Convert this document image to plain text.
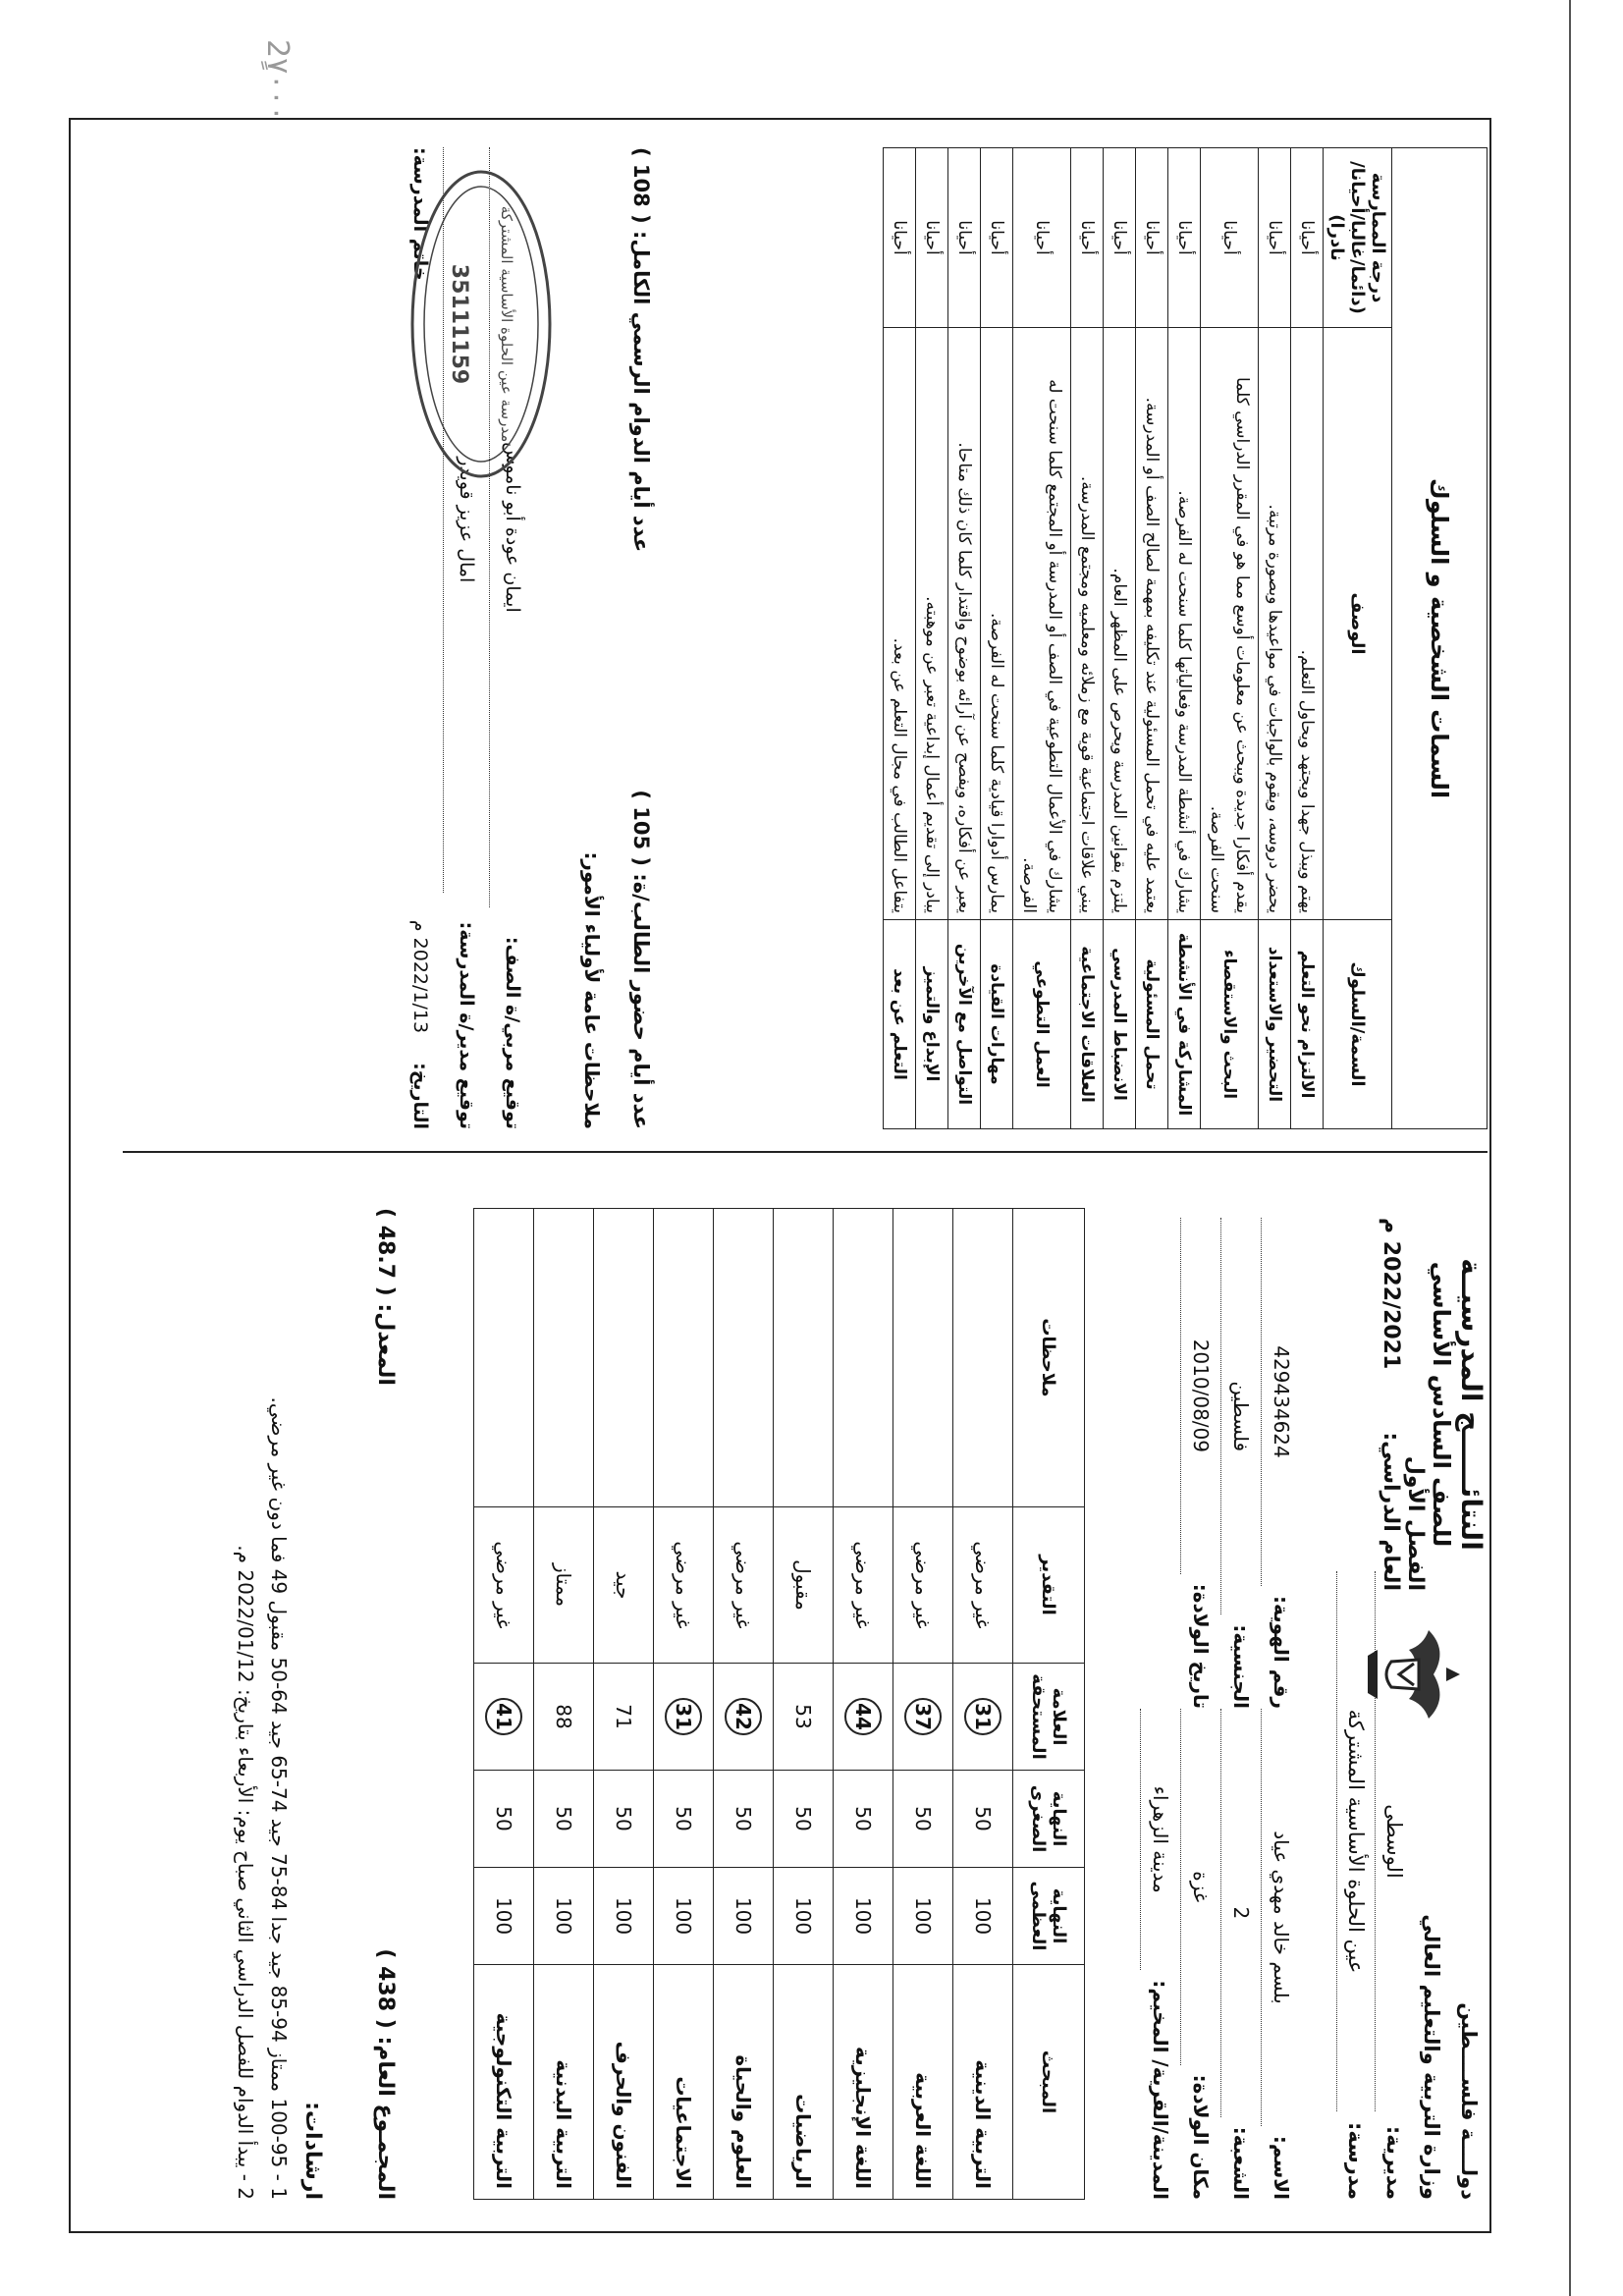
2ٍ٧٠٠٠
دولــــة فلســــطين
وزارة التربية والتعليم العالي
مديرية:
الوسطى
مدرسة:
عين الحلوة الأساسية المشتركة
النتائــــــج المدرسيــة
للصف السادس الأساسي
الفصل الأول
العام الدراسي:
2022/2021 م
الاسم:
بلسم خالد مهدي عياد
رقم الهوية:
429434624
الشعبة:
2
الجنسية:
فلسطين
مكان الولادة:
غزة
تاريخ الولادة:
2010/08/09
المدينة/القرية/ المخيم:
مدينة الزهراء
المبحث	النهاية العظمى	النهاية الصغرى	العلامة المستحقة	التقدير	ملاحظات
التربية الدينية	100	50	31	غير مرضي	
اللغة العربية	100	50	37	غير مرضي	
اللغة الإنجليزية	100	50	44	غير مرضي	
الرياضيات	100	50	53	مقبول	
العلوم والحياة	100	50	42	غير مرضي	
الاجتماعيات	100	50	31	غير مرضي	
الفنون والحرف	100	50	71	جيد	
التربية البدنية	100	50	88	ممتاز	
التربية التكنولوجية	100	50	41	غير مرضي	
المجمـوع العام: ( 438 )
المعدل: ( 48.7 )
ارشادات:
1 - 100-95 ممتاز 94-85 جيد جدا 84-75 جيد 74-65 جيد 64-50 مقبول 49 فما دون غير مرضي.
2 - يبدأ الدوام للفصل الدراسي الثاني صباح يوم: الأربعاء بتاريخ: 2022/01/12 م.
السمات الشخصية و السلوك		
السمة/السلوك	الوصف	درجة الممارسة (دائما/غالبا/أحيانا/نادرا)
الالتزام نحو التعلم	يهتم ويبذل جهدا ويجتهد ويحاول التعلم.	أحيانا
التحضير والاستعداد	يحضر دروسه، ويقوم بالواجبات في مواعيدها وبصورة مرتبة.	أحيانا
البحث والاستقصاء	يقدم أفكارا جديدة ويبحث عن معلومات أوسع مما هو في المقرر الدراسي كلما سنحت الفرصة.	أحيانا
المشاركة في الأنشطة	يشارك في أنشطة المدرسة وفعالياتها كلما سنحت له الفرصة.	أحيانا
تحمل المسئولية	يعتمد عليه في تحمل المسئولية عند تكليفه بمهمة لصالح الصف أو المدرسة.	أحيانا
الانضباط المدرسي	يلتزم بقوانين المدرسة ويحرص على المظهر العام.	أحيانا
العلاقات الاجتماعية	يبني علاقات اجتماعية قوية مع زملائه ومعلميه ومجتمع المدرسة.	أحيانا
العمل التطوعي	يشارك في الأعمال التطوعية في الصف أو المدرسة أو المجتمع كلما سنحت له الفرصة.	أحيانا
مهارات القيادة	يمارس أدوارا قيادية كلما سنحت له الفرصة.	أحيانا
التواصل مع الآخرين	يعبر عن أفكاره، ويفصح عن آرائه بوضوح واقتدار كلما كان ذلك متاحا.	أحيانا
الإبداع والتميز	يبادر إلى تقديم أعمال إبداعية تعبر عن موهبته.	أحيانا
التعلم عن بعد	يتفاعل الطالب في مجال التعلم عن بعد.	أحيانا
عدد أيام حضور الطالب/ة: ( 105 )
عدد أيام الدوام الرسمي الكامل: ( 108 )
ملاحظات عامة لأولياء الأمور:
توقيع مربي/ة الصف:
ايمان عودة أبو ناموس
توقيع مدير/ة المدرسة:
امال عزيز قويدر
التاريخ:
2022/1/13 م
خاتم المدرسة:	مدرسة عين الحلوة الأساسية المشتركة
35111159
